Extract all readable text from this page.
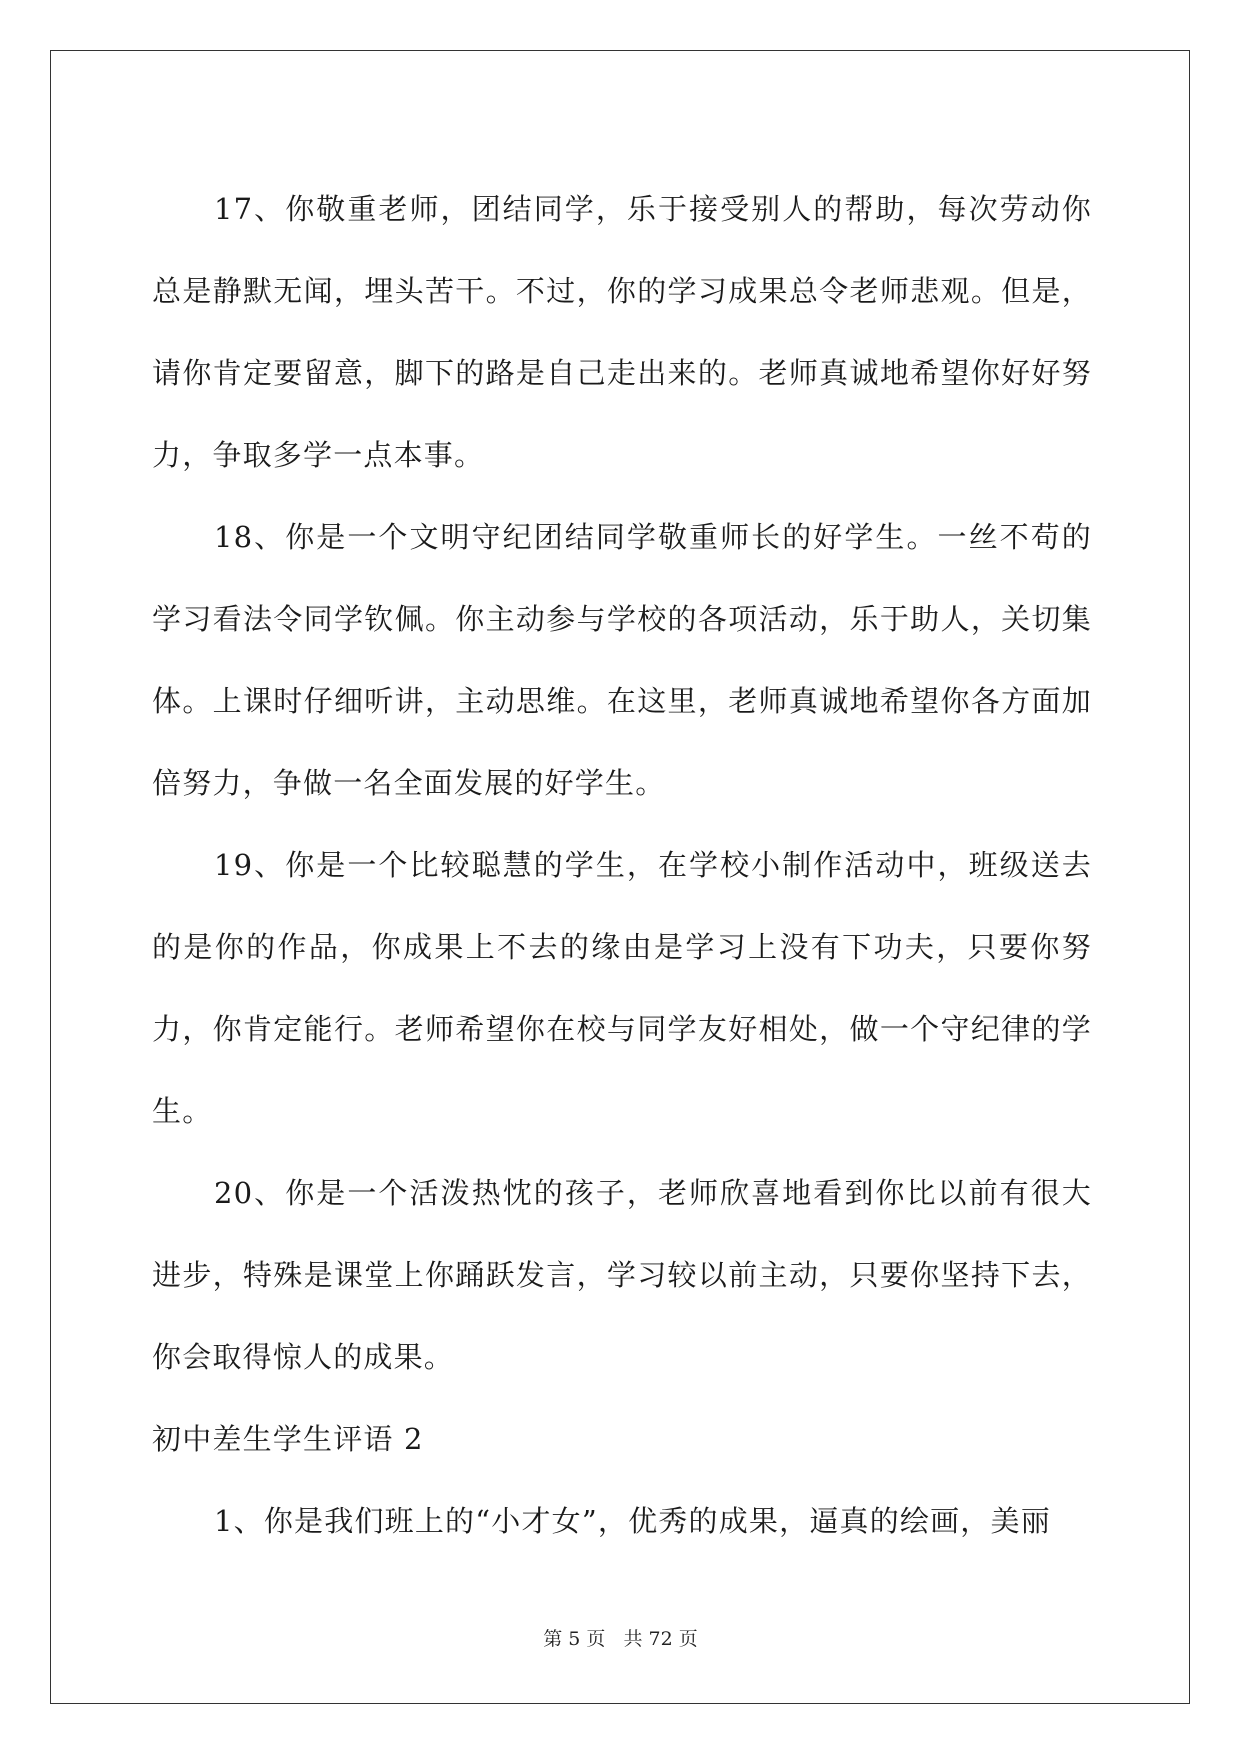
17、你敬重老师，团结同学，乐于接受别人的帮助，每次劳动你总是静默无闻，埋头苦干。不过，你的学习成果总令老师悲观。但是，请你肯定要留意，脚下的路是自己走出来的。老师真诚地希望你好好努力，争取多学一点本事。

18、你是一个文明守纪团结同学敬重师长的好学生。一丝不苟的学习看法令同学钦佩。你主动参与学校的各项活动，乐于助人，关切集体。上课时仔细听讲，主动思维。在这里，老师真诚地希望你各方面加倍努力，争做一名全面发展的好学生。

19、你是一个比较聪慧的学生，在学校小制作活动中，班级送去的是你的作品，你成果上不去的缘由是学习上没有下功夫，只要你努力，你肯定能行。老师希望你在校与同学友好相处，做一个守纪律的学生。

20、你是一个活泼热忱的孩子，老师欣喜地看到你比以前有很大进步，特殊是课堂上你踊跃发言，学习较以前主动，只要你坚持下去，你会取得惊人的成果。

初中差生学生评语 2

1、你是我们班上的“小才女”，优秀的成果，逼真的绘画，美丽

第 5 页 共 72 页
